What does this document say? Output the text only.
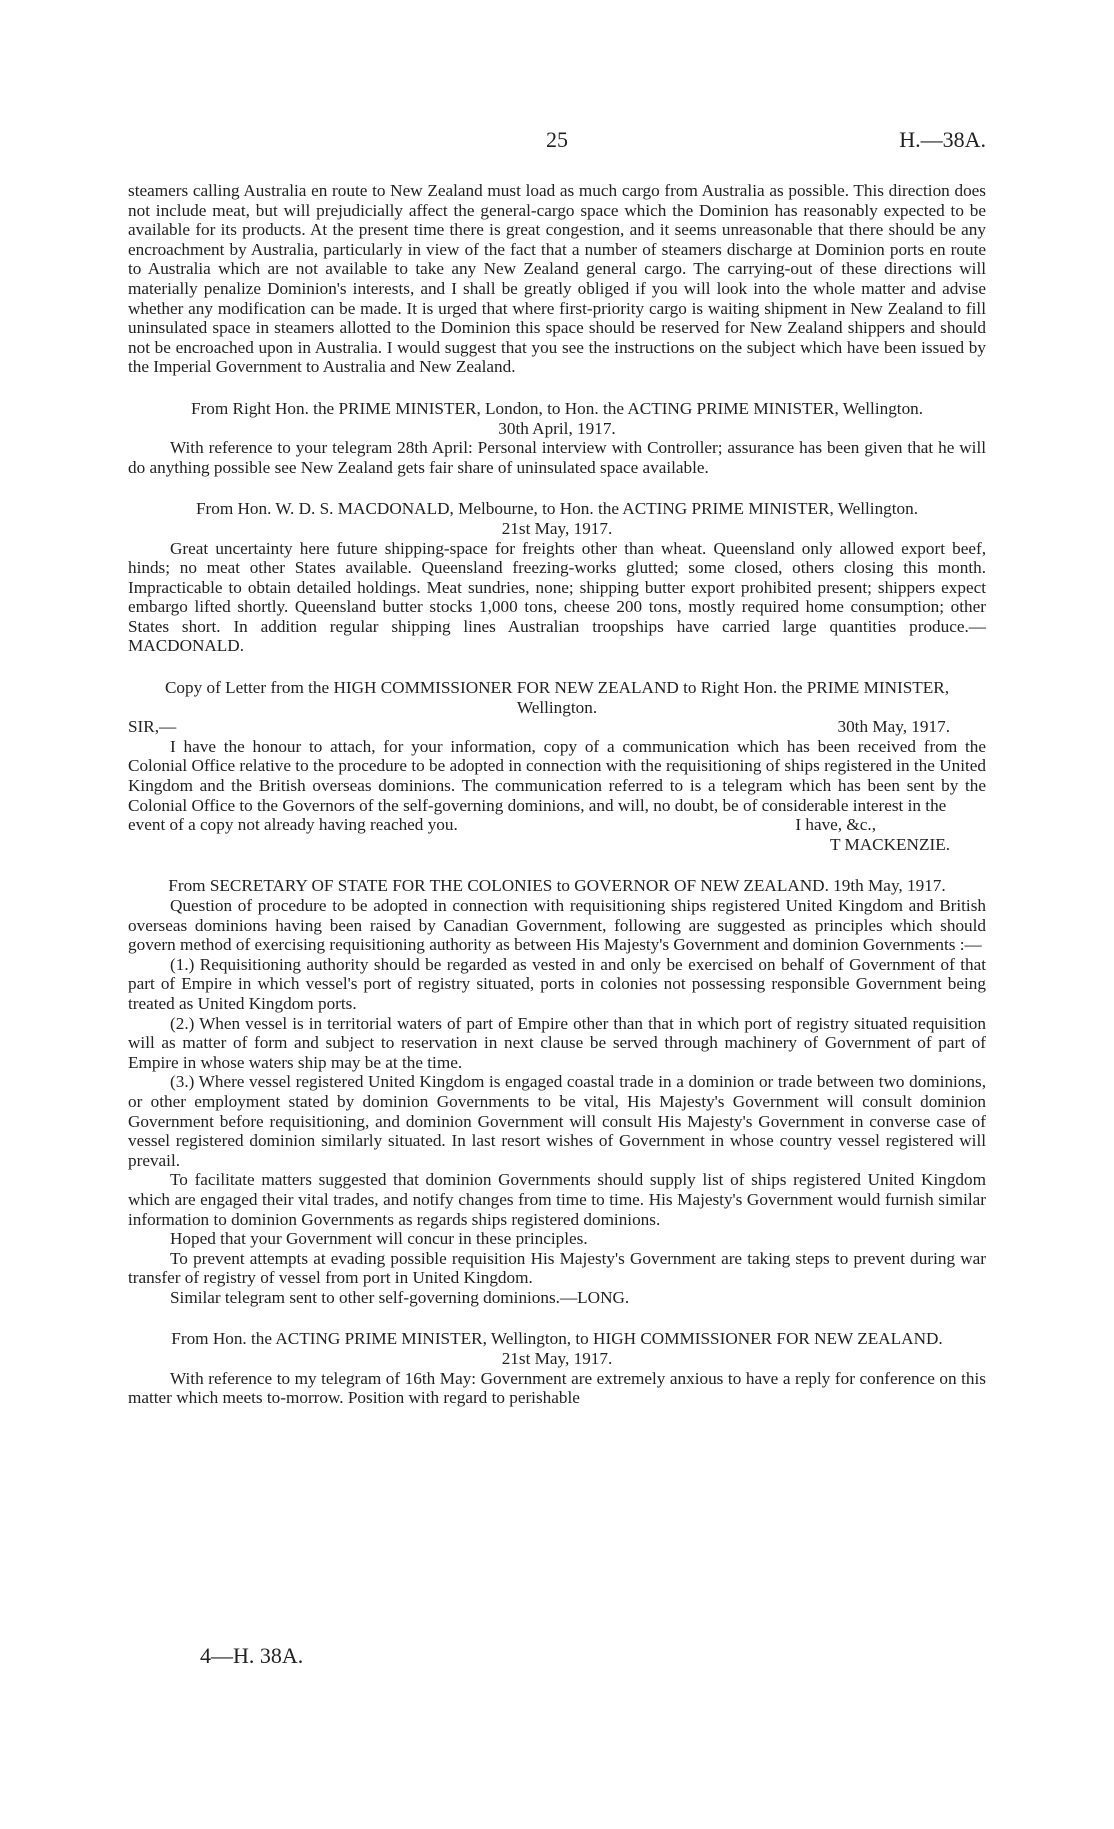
25	H.—38A.

steamers calling Australia en route to New Zealand must load as much cargo from Australia as possible. This direction does not include meat, but will prejudicially affect the general-cargo space which the Dominion has reasonably expected to be available for its products. At the present time there is great congestion, and it seems unreasonable that there should be any encroachment by Australia, particularly in view of the fact that a number of steamers discharge at Dominion ports en route to Australia which are not available to take any New Zealand general cargo. The carrying-out of these directions will materially penalize Dominion's interests, and I shall be greatly obliged if you will look into the whole matter and advise whether any modification can be made. It is urged that where first-priority cargo is waiting shipment in New Zealand to fill uninsulated space in steamers allotted to the Dominion this space should be reserved for New Zealand shippers and should not be encroached upon in Australia. I would suggest that you see the instructions on the subject which have been issued by the Imperial Government to Australia and New Zealand.

From Right Hon. the PRIME MINISTER, London, to Hon. the ACTING PRIME MINISTER, Wellington.

30th April, 1917.

With reference to your telegram 28th April: Personal interview with Controller; assurance has been given that he will do anything possible see New Zealand gets fair share of uninsulated space available.

From Hon. W. D. S. MACDONALD, Melbourne, to Hon. the ACTING PRIME MINISTER, Wellington.

21st May, 1917.

Great uncertainty here future shipping-space for freights other than wheat. Queensland only allowed export beef, hinds; no meat other States available. Queensland freezing-works glutted; some closed, others closing this month. Impracticable to obtain detailed holdings. Meat sundries, none; shipping butter export prohibited present; shippers expect embargo lifted shortly. Queensland butter stocks 1,000 tons, cheese 200 tons, mostly required home consumption; other States short. In addition regular shipping lines Australian troopships have carried large quantities produce.—MACDONALD.

Copy of Letter from the HIGH COMMISSIONER FOR NEW ZEALAND to Right Hon. the PRIME MINISTER,

Wellington.

SIR,—	30th May, 1917.

I have the honour to attach, for your information, copy of a communication which has been received from the Colonial Office relative to the procedure to be adopted in connection with the requisitioning of ships registered in the United Kingdom and the British overseas dominions. The communication referred to is a telegram which has been sent by the Colonial Office to the Governors of the self-governing dominions, and will, no doubt, be of considerable interest in the

event of a copy not already having reached you.	I have, &c.,

T MACKENZIE.

From SECRETARY OF STATE FOR THE COLONIES to GOVERNOR OF NEW ZEALAND. 19th May, 1917.

Question of procedure to be adopted in connection with requisitioning ships registered United Kingdom and British overseas dominions having been raised by Canadian Government, following are suggested as principles which should govern method of exercising requisitioning authority as between His Majesty's Government and dominion Governments :—

(1.) Requisitioning authority should be regarded as vested in and only be exercised on behalf of Government of that part of Empire in which vessel's port of registry situated, ports in colonies not possessing responsible Government being treated as United Kingdom ports.

(2.) When vessel is in territorial waters of part of Empire other than that in which port of registry situated requisition will as matter of form and subject to reservation in next clause be served through machinery of Government of part of Empire in whose waters ship may be at the time.

(3.) Where vessel registered United Kingdom is engaged coastal trade in a dominion or trade between two dominions, or other employment stated by dominion Governments to be vital, His Majesty's Government will consult dominion Government before requisitioning, and dominion Government will consult His Majesty's Government in converse case of vessel registered dominion similarly situated. In last resort wishes of Government in whose country vessel registered will prevail.

To facilitate matters suggested that dominion Governments should supply list of ships registered United Kingdom which are engaged their vital trades, and notify changes from time to time. His Majesty's Government would furnish similar information to dominion Governments as regards ships registered dominions.

Hoped that your Government will concur in these principles.

To prevent attempts at evading possible requisition His Majesty's Government are taking steps to prevent during war transfer of registry of vessel from port in United Kingdom.

Similar telegram sent to other self-governing dominions.—LONG.

From Hon. the ACTING PRIME MINISTER, Wellington, to HIGH COMMISSIONER FOR NEW ZEALAND.

21st May, 1917.

With reference to my telegram of 16th May: Government are extremely anxious to have a reply for conference on this matter which meets to-morrow. Position with regard to perishable

4—H. 38A.
